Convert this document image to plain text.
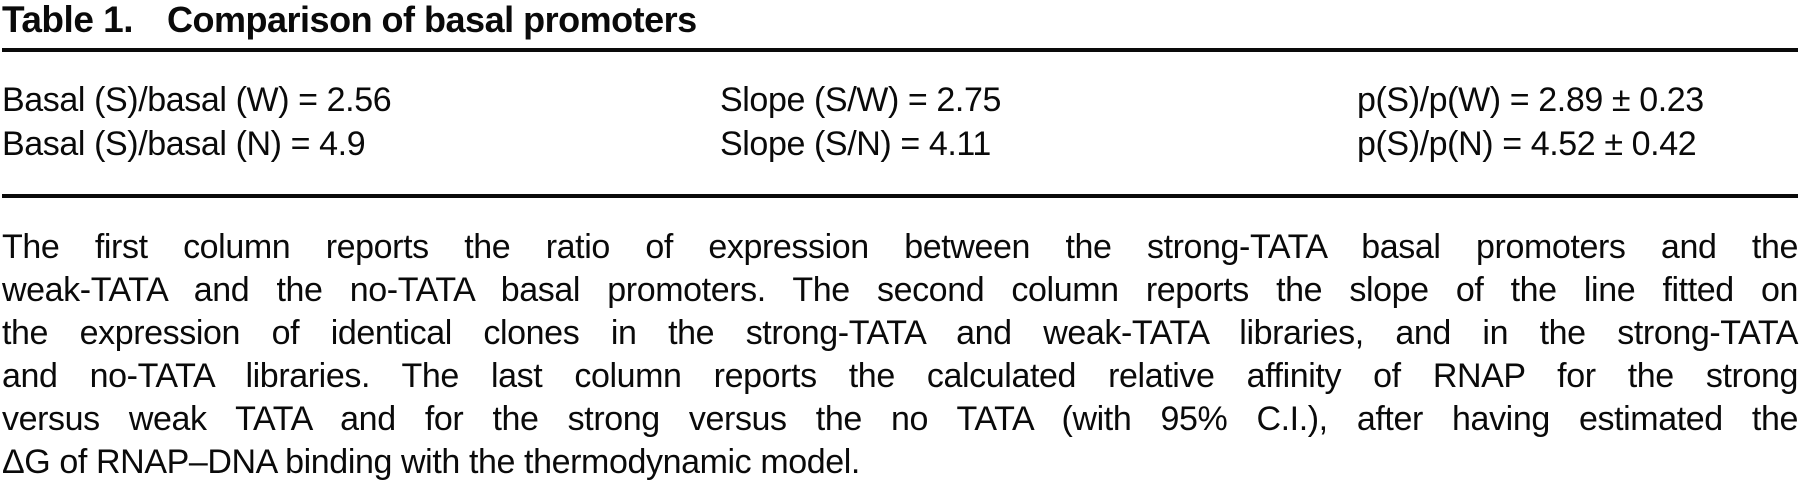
Table 1. Comparison of basal promoters
Basal (S)/basal (W) = 2.56	Slope (S/W) = 2.75	p(S)/p(W) = 2.89 ± 0.23
Basal (S)/basal (N) = 4.9	Slope (S/N) = 4.11	p(S)/p(N) = 4.52 ± 0.42
The first column reports the ratio of expression between the strong-TATA basal promoters and the
weak-TATA and the no-TATA basal promoters. The second column reports the slope of the line fitted on
the expression of identical clones in the strong-TATA and weak-TATA libraries, and in the strong-TATA
and no-TATA libraries. The last column reports the calculated relative affinity of RNAP for the strong
versus weak TATA and for the strong versus the no TATA (with 95% C.I.), after having estimated the
ΔG of RNAP–DNA binding with the thermodynamic model.
